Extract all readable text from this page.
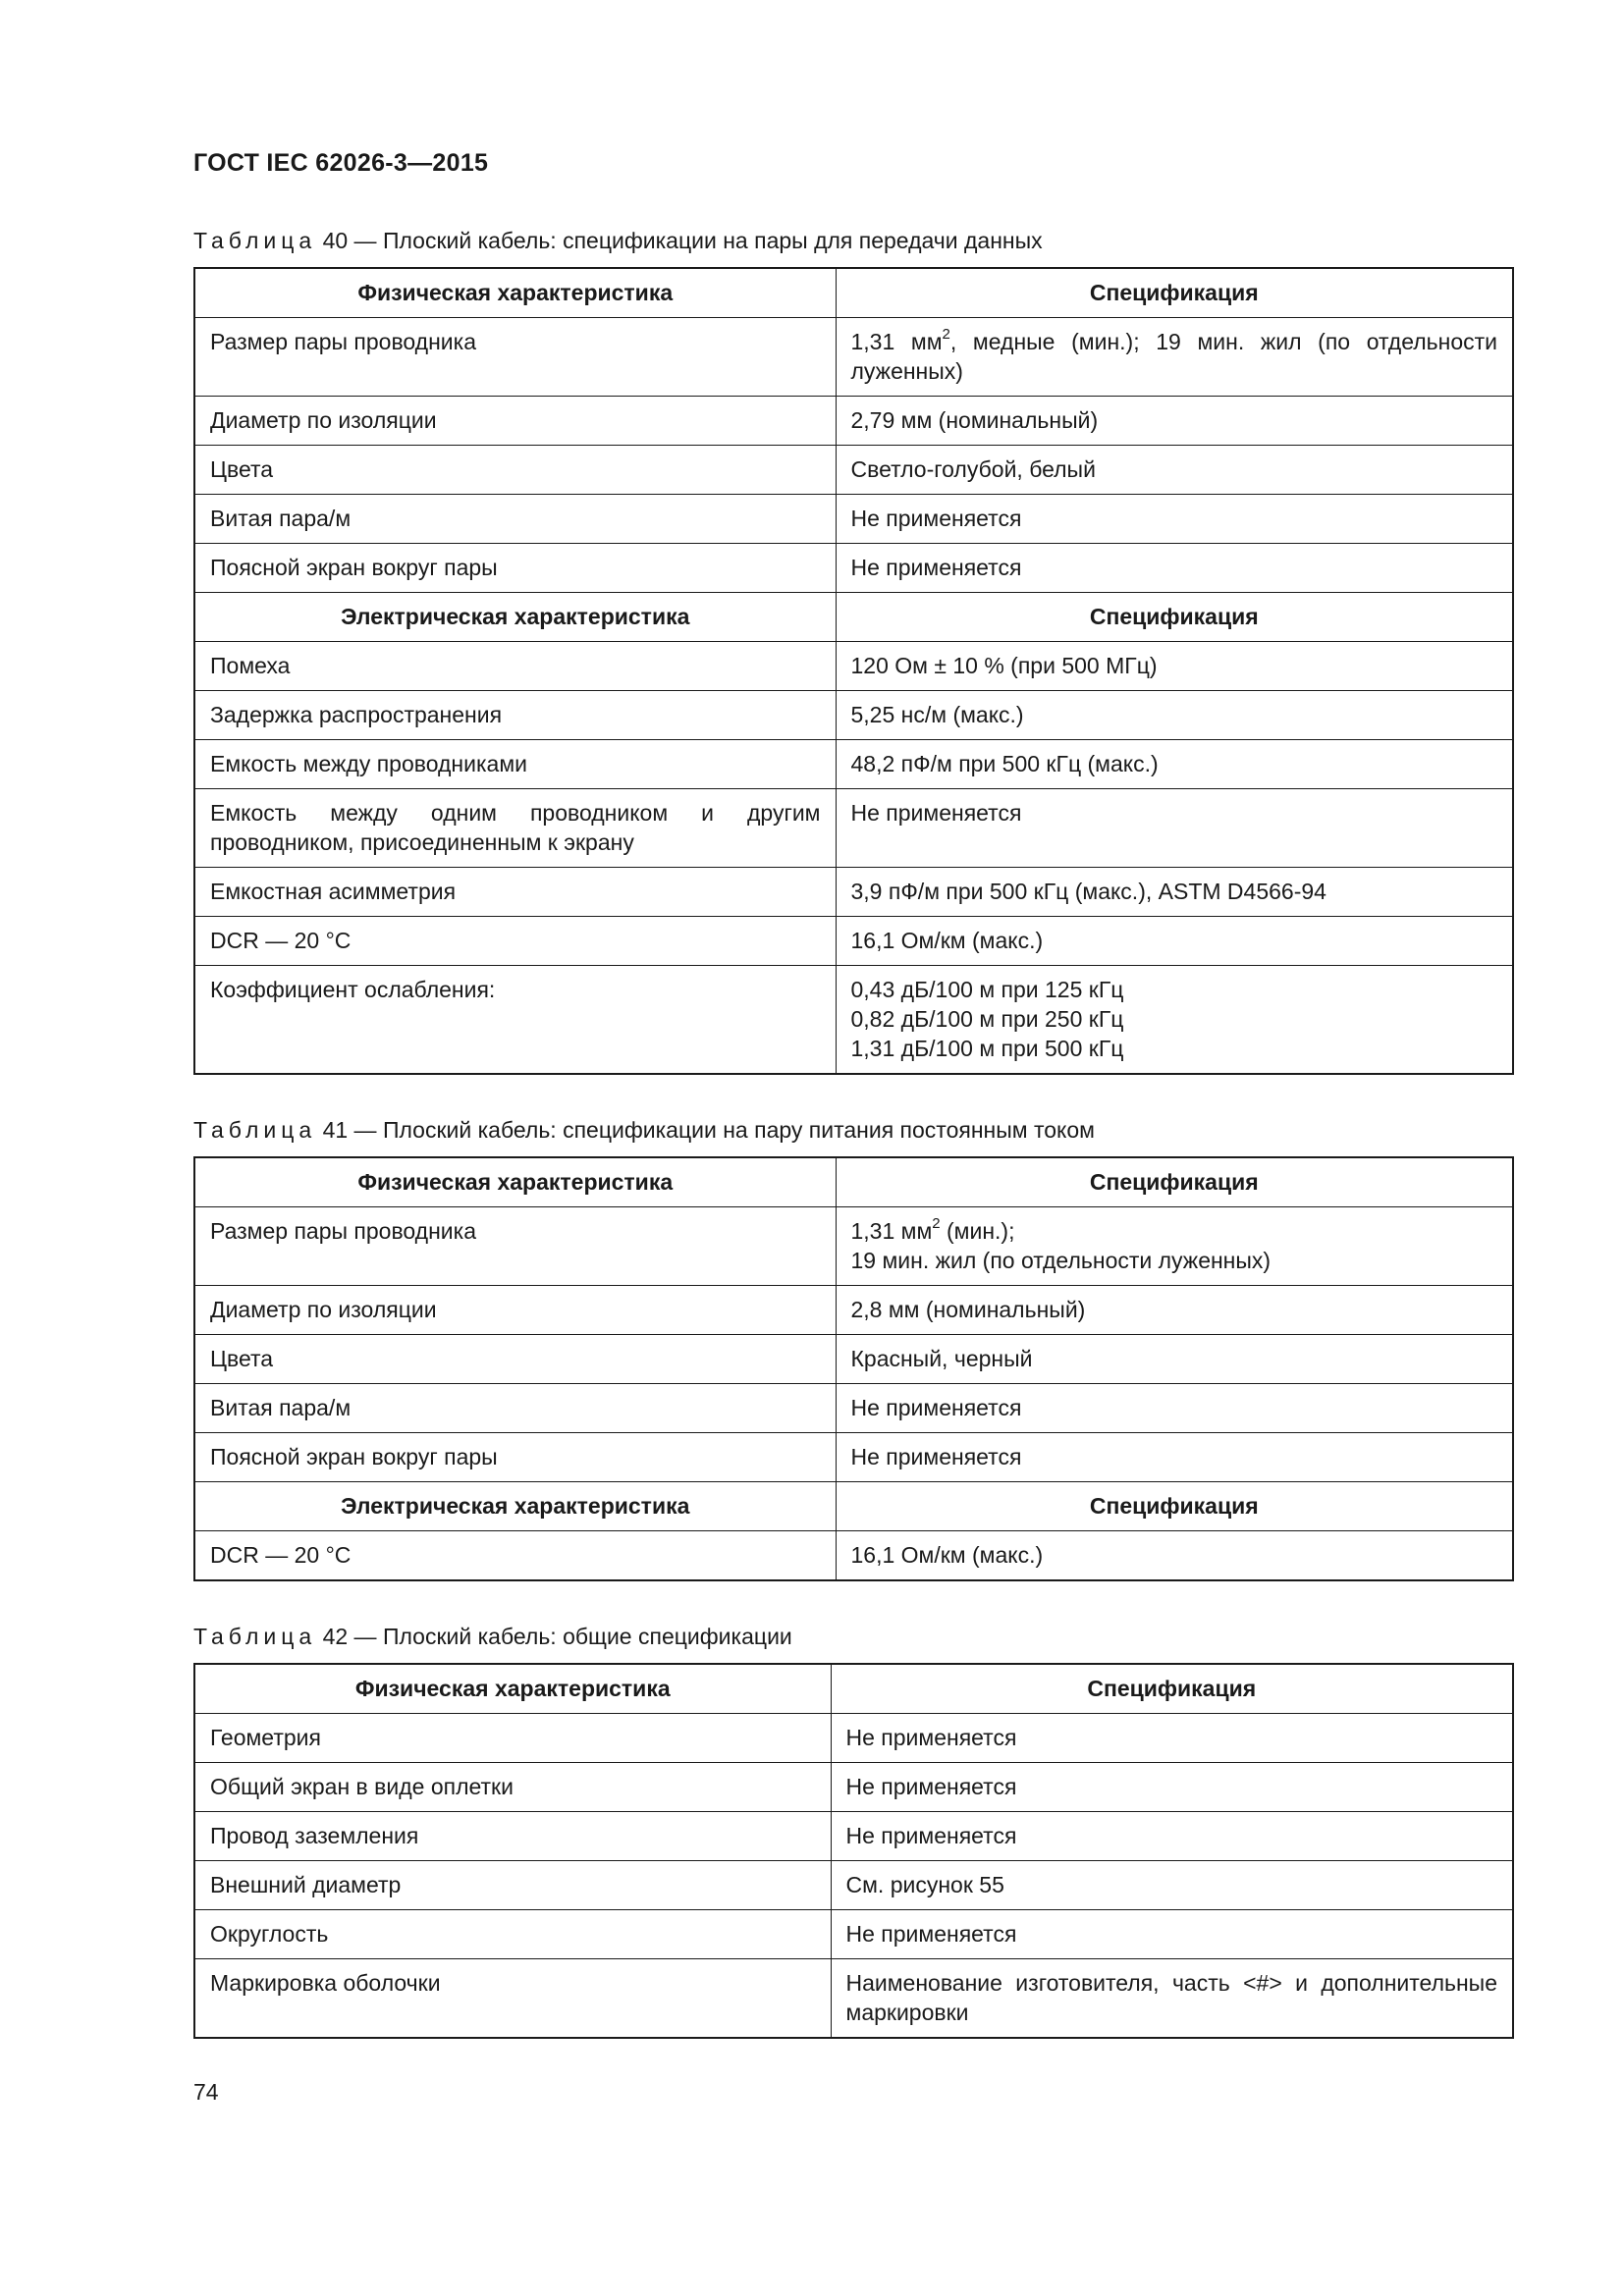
ГОСТ IEC 62026-3—2015
Таблица 40 — Плоский кабель: спецификации на пары для передачи данных
Физическая характеристика	Спецификация
Размер пары проводника	1,31 $мм^2$, медные (мин.); 19 мин. жил (по отдельности луженных)
Диаметр по изоляции	2,79 мм (номинальный)
Цвета	Светло-голубой, белый
Витая пара/м	Не применяется
Поясной экран вокруг пары	Не применяется
Электрическая характеристика	Спецификация
Помеха	120 Ом ± 10 % (при 500 МГц)
Задержка распространения	5,25 нс/м (макс.)
Емкость между проводниками	48,2 пФ/м при 500 кГц (макс.)
Емкость между одним проводником и другим проводником, присоединенным к экрану	Не применяется
Емкостная асимметрия	3,9 пФ/м при 500 кГц (макс.), ASTM D4566-94
DCR — 20 °C	16,1 Ом/км (макс.)
Коэффициент ослабления:	0,43 дБ/100 м при 125 кГц
0,82 дБ/100 м при 250 кГц
1,31 дБ/100 м при 500 кГц
Таблица 41 — Плоский кабель: спецификации на пару питания постоянным током
Физическая характеристика	Спецификация
Размер пары проводника	1,31 $мм^2$ (мин.);
19 мин. жил (по отдельности луженных)

Диаметр по изоляции	2,8 мм (номинальный)
Цвета	Красный, черный
Витая пара/м	Не применяется
Поясной экран вокруг пары	Не применяется
Электрическая характеристика	Спецификация
DCR — 20 °C	16,1 Ом/км (макс.)
Таблица 42 — Плоский кабель: общие спецификации
Физическая характеристика	Спецификация
Геометрия	Не применяется
Общий экран в виде оплетки	Не применяется
Провод заземления	Не применяется
Внешний диаметр	См. рисунок 55
Округлость	Не применяется
Маркировка оболочки	Наименование изготовителя, часть <#> и дополнительные маркировки
74
